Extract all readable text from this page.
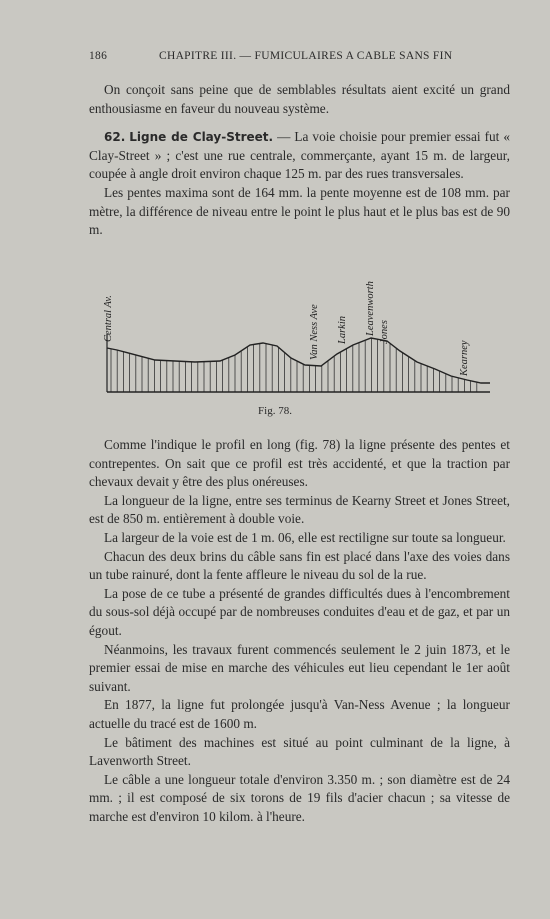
186	CHAPITRE III. — FUMICULAIRES A CABLE SANS FIN

On conçoit sans peine que de semblables résultats aient excité un grand enthousiasme en faveur du nouveau système.

62. Ligne de Clay-Street. — La voie choisie pour premier essai fut « Clay-Street » ; c'est une rue centrale, commerçante, ayant 15 m. de largeur, coupée à angle droit environ chaque 125 m. par des rues transversales.

Les pentes maxima sont de 164 mm. la pente moyenne est de 108 mm. par mètre, la différence de niveau entre le point le plus haut et le plus bas est de 90 m.

Central Av.	Van Ness Ave Larkin Leavenworth Jones
Kearney
Fig. 78.

Comme l'indique le profil en long (fig. 78) la ligne présente des pentes et contrepentes. On sait que ce profil est très accidenté, et que la traction par chevaux devait y être des plus onéreuses.

La longueur de la ligne, entre ses terminus de Kearny Street et Jones Street, est de 850 m. entièrement à double voie.

La largeur de la voie est de 1 m. 06, elle est rectiligne sur toute sa longueur.

Chacun des deux brins du câble sans fin est placé dans l'axe des voies dans un tube rainuré, dont la fente affleure le niveau du sol de la rue.

La pose de ce tube a présenté de grandes difficultés dues à l'encombrement du sous-sol déjà occupé par de nombreuses conduites d'eau et de gaz, et par un égout.

Néanmoins, les travaux furent commencés seulement le 2 juin 1873, et le premier essai de mise en marche des véhicules eut lieu cependant le 1er août suivant.

En 1877, la ligne fut prolongée jusqu'à Van-Ness Avenue ; la longueur actuelle du tracé est de 1600 m.

Le bâtiment des machines est situé au point culminant de la ligne, à Lavenworth Street.

Le câble a une longueur totale d'environ 3.350 m. ; son diamètre est de 24 mm. ; il est composé de six torons de 19 fils d'acier chacun ; sa vitesse de marche est d'environ 10 kilom. à l'heure.
